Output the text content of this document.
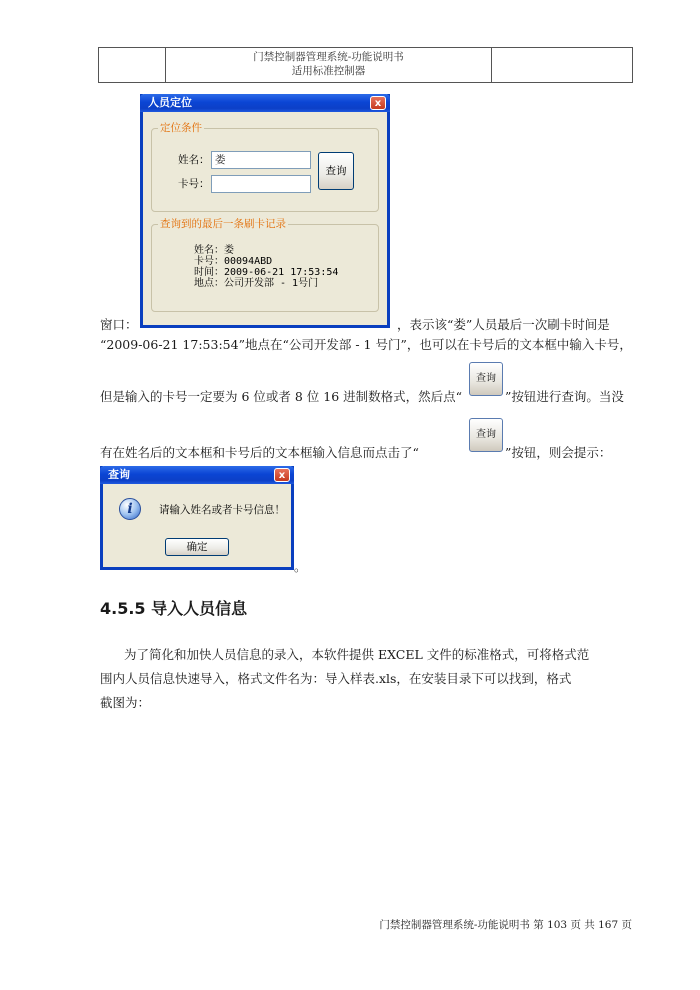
门禁控制器管理系统-功能说明书
适用标准控制器
人员定位	x
定位条件
姓名： 娄
卡号：
查询
查询到的最后一条刷卡记录
姓名：娄
卡号：00094ABD
时间：2009-06-21 17:53:54
地点：公司开发部 - 1号门
窗口：	，表示该“娄”人员最后一次刷卡时间是
“2009-06-21 17:53:54”地点在“公司开发部 - 1 号门”，也可以在卡号后的文本框中输入卡号，
但是输入的卡号一定要为 6 位或者 8 位 16 进制数格式，然后点“
查询
”按钮进行查询。当没
有在姓名后的文本框和卡号后的文本框输入信息而点击了“
查询
”按钮，则会提示：
查询	x
i	请输入姓名或者卡号信息！
确定
。
4.5.5 导入人员信息
为了简化和加快人员信息的录入，本软件提供 EXCEL 文件的标准格式，可将格式范
围内人员信息快速导入，格式文件名为：导入样表.xls，在安装目录下可以找到，格式
截图为：
门禁控制器管理系统-功能说明书 第 103 页 共 167 页
